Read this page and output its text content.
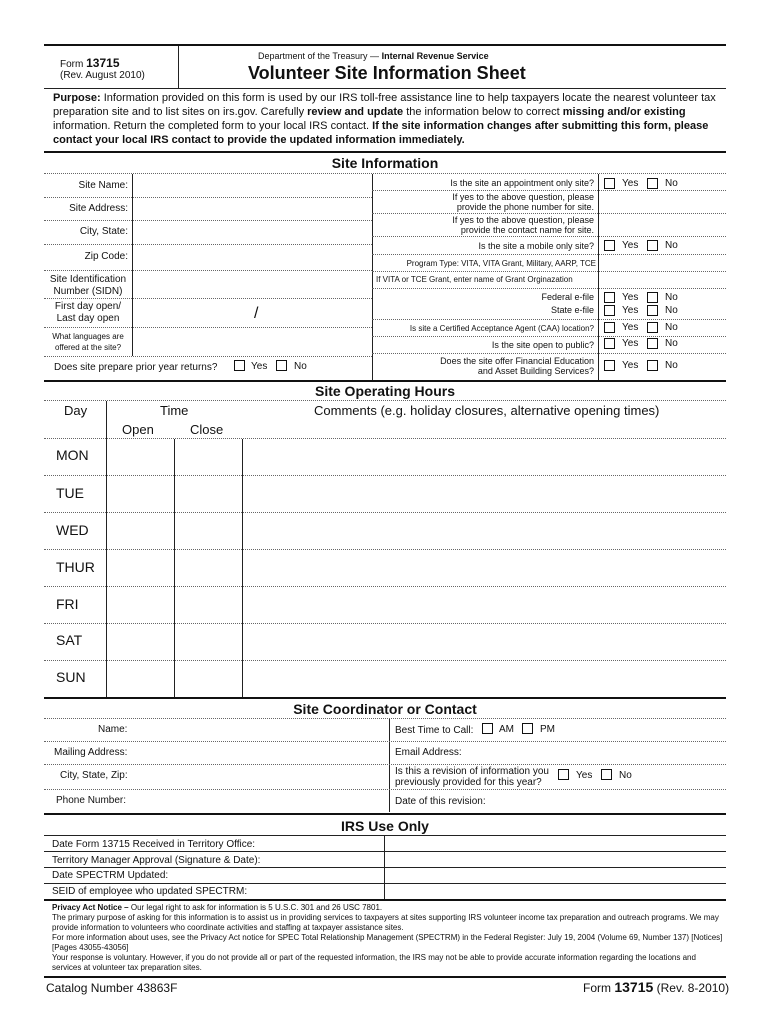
Form 13715
(Rev. August 2010)
Department of the Treasury — Internal Revenue Service
Volunteer Site Information Sheet
Purpose: Information provided on this form is used by our IRS toll-free assistance line to help taxpayers locate the nearest volunteer tax preparation site and to list sites on irs.gov. Carefully review and update the information below to correct missing and/or existing information. Return the completed form to your local IRS contact. If the site information changes after submitting this form, please contact your local IRS contact to provide the updated information immediately.
Site Information
Site Name:
Site Address:
City, State:
Zip Code:
Site Identification
Number (SIDN)
First day open/
Last day open	/
What languages are
offered at the site?
Does site prepare prior year returns?	Yes	No
Is the site an appointment only site?	Yes	No
If yes to the above question, please
provide the phone number for site.
If yes to the above question, please
provide the contact name for site.
Is the site a mobile only site?	Yes	No
Program Type: VITA, VITA Grant, Military, AARP, TCE
If VITA or TCE Grant, enter name of Grant Orginazation
Federal e-file	Yes	No
State e-file	Yes	No
Is site a Certified Acceptance Agent (CAA) location?	Yes	No
Is the site open to public?	Yes	No
Does the site offer Financial Education
and Asset Building Services?	Yes	No
Site Operating Hours
Day	Time	Comments (e.g. holiday closures, alternative opening times)
Open	Close
MON
TUE
WED
THUR
FRI
SAT
SUN
Site Coordinator or Contact
Name:	Best Time to Call:	AM	PM
Mailing Address:	Email Address:
City, State, Zip:	Is this a revision of information you
previously provided for this year?
Yes	No
Phone Number:	Date of this revision:
IRS Use Only
Date Form 13715 Received in Territory Office:
Territory Manager Approval (Signature & Date):
Date SPECTRM Updated:
SEID of employee who updated SPECTRM:
Privacy Act Notice – Our legal right to ask for information is 5 U.S.C. 301 and 26 USC 7801.
The primary purpose of asking for this information is to assist us in providing services to taxpayers at sites supporting IRS volunteer income tax preparation and outreach programs. We may provide information to volunteers who coordinate activities and staffing at taxpayer assistance sites.
For more information about uses, see the Privacy Act notice for SPEC Total Relationship Management (SPECTRM) in the Federal Register: July 19, 2004 (Volume 69, Number 137) [Notices] [Pages 43055-43056]
Your response is voluntary. However, if you do not provide all or part of the requested information, the IRS may not be able to provide accurate information regarding the locations and services at volunteer tax preparation sites.
Catalog Number 43863F	Form 13715 (Rev. 8-2010)
